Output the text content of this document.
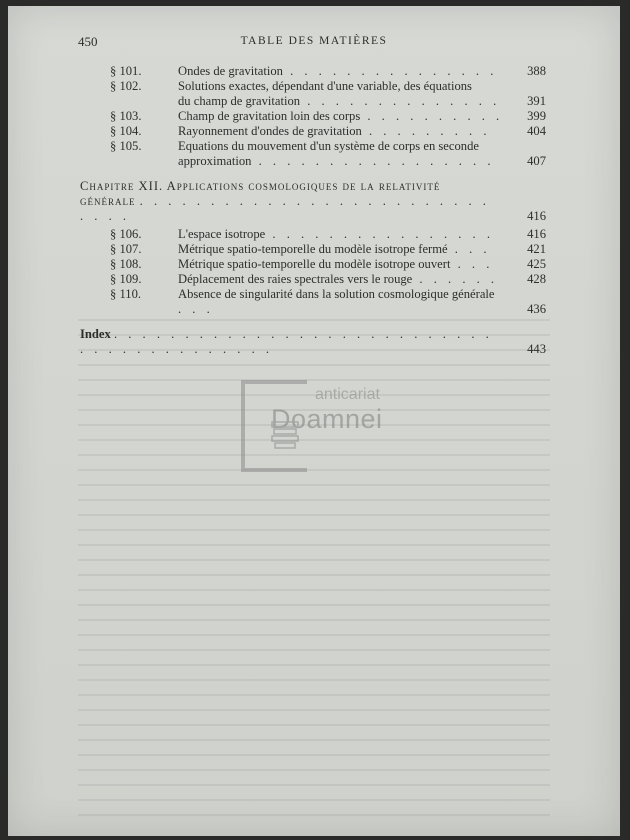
450	TABLE DES MATIÈRES
§ 101.	Ondes de gravitation . . . . . . . . . . . . . . .	388
§ 102.	Solutions exactes, dépendant d'une variable, des équations
du champ de gravitation . . . . . . . . . . . . . .	391
§ 103.	Champ de gravitation loin des corps . . . . . . . . . .	399
§ 104.	Rayonnement d'ondes de gravitation . . . . . . . . .	404
§ 105.	Equations du mouvement d'un système de corps en seconde
approximation . . . . . . . . . . . . . . . . .	407
Chapitre XII. Applications cosmologiques de la relativité
générale . . . . . . . . . . . . . . . . . . . . . . . . . . . . .	416
§ 106.	L'espace isotrope . . . . . . . . . . . . . . . .	416
§ 107.	Métrique spatio-temporelle du modèle isotrope fermé . . .	421
§ 108.	Métrique spatio-temporelle du modèle isotrope ouvert . . .	425
§ 109.	Déplacement des raies spectrales vers le rouge . . . . . .	428
§ 110.	Absence de singularité dans la solution cosmologique générale . . .	436
Index . . . . . . . . . . . . . . . . . . . . . . . . . . . . . . . . . . . . . . . . .	443
anticariat
Doamnei
